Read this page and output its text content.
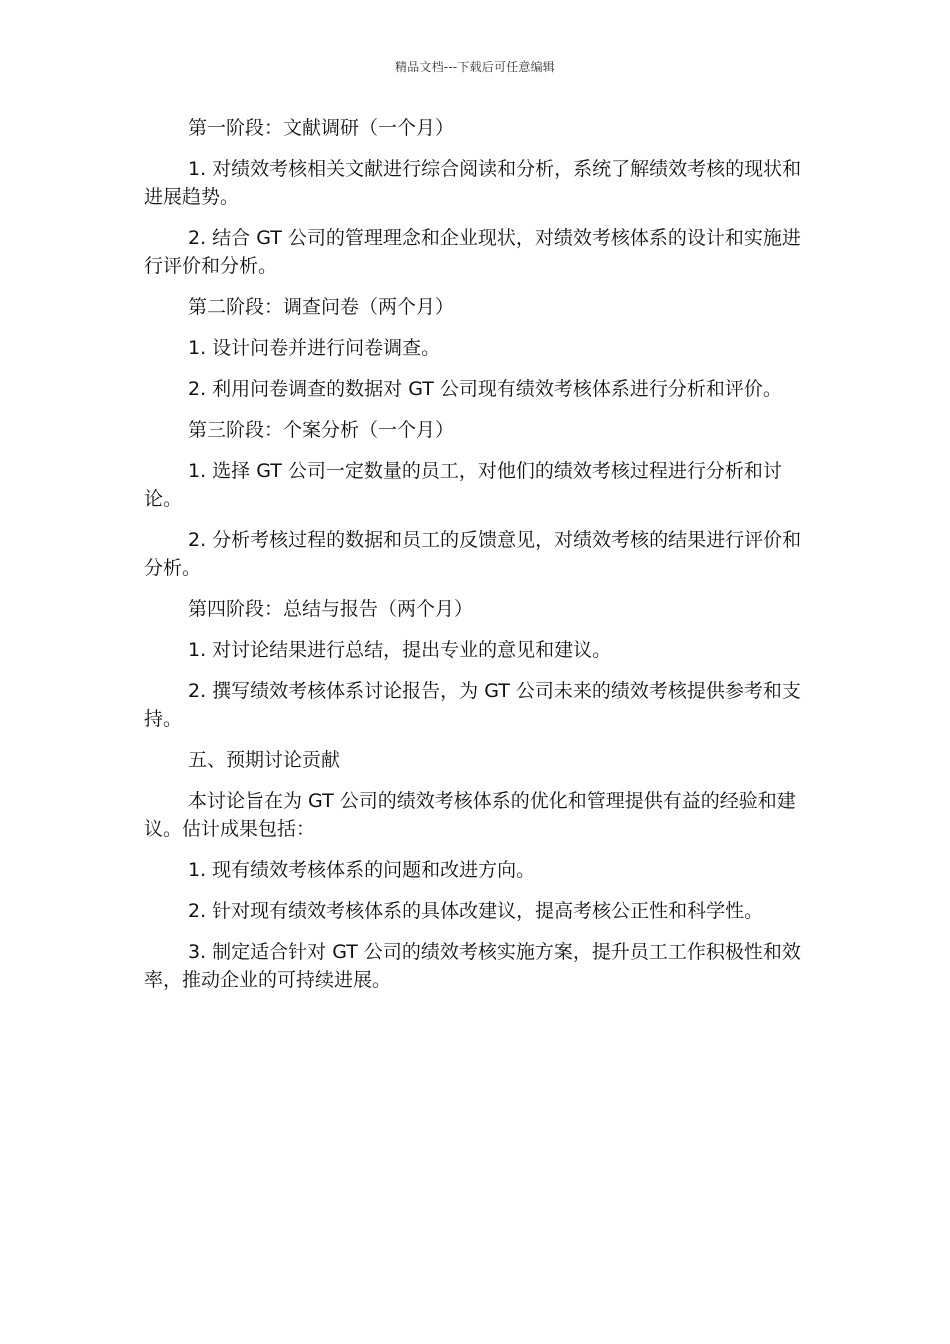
精品文档---下载后可任意编辑

第一阶段：文献调研（一个月）

1. 对绩效考核相关文献进行综合阅读和分析，系统了解绩效考核的现状和进展趋势。

2. 结合 GT 公司的管理理念和企业现状，对绩效考核体系的设计和实施进行评价和分析。

第二阶段：调查问卷（两个月）

1. 设计问卷并进行问卷调查。

2. 利用问卷调查的数据对 GT 公司现有绩效考核体系进行分析和评价。

第三阶段：个案分析（一个月）

1. 选择 GT 公司一定数量的员工，对他们的绩效考核过程进行分析和讨论。

2. 分析考核过程的数据和员工的反馈意见，对绩效考核的结果进行评价和分析。

第四阶段：总结与报告（两个月）

1. 对讨论结果进行总结，提出专业的意见和建议。

2. 撰写绩效考核体系讨论报告，为 GT 公司未来的绩效考核提供参考和支持。

五、预期讨论贡献

本讨论旨在为 GT 公司的绩效考核体系的优化和管理提供有益的经验和建议。估计成果包括：

1. 现有绩效考核体系的问题和改进方向。

2. 针对现有绩效考核体系的具体改建议，提高考核公正性和科学性。

3. 制定适合针对 GT 公司的绩效考核实施方案，提升员工工作积极性和效率，推动企业的可持续进展。
